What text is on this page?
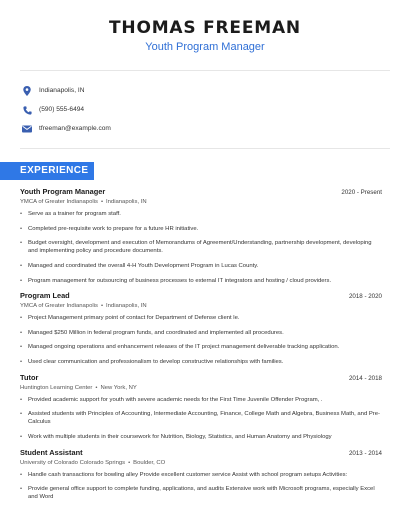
THOMAS FREEMAN
Youth Program Manager
Indianapolis, IN
(590) 555-6494
tfreeman@example.com
EXPERIENCE
Youth Program Manager	2020 - Present
YMCA of Greater Indianapolis • Indianapolis, IN
• Serve as a trainer for program staff.
• Completed pre-requisite work to prepare for a future HR initiative.
• Budget oversight, development and execution of Memorandums of Agreement/Understanding, partnership development, developing and implementing policy and procedure documents.
• Managed and coordinated the overall 4-H Youth Development Program in Lucas County.
• Program management for outsourcing of business processes to external IT integrators and hosting / cloud providers.
Program Lead	2018 - 2020
YMCA of Greater Indianapolis • Indianapolis, IN
• Project Management primary point of contact for Department of Defense client le.
• Managed $250 Million in federal program funds, and coordinated and implemented all procedures.
• Managed ongoing operations and enhancement releases of the IT project management deliverable tracking application.
• Used clear communication and professionalism to develop constructive relationships with families.
Tutor	2014 - 2018
Huntington Learning Center • New York, NY
• Provided academic support for youth with severe academic needs for the First Time Juvenile Offender Program, .
• Assisted students with Principles of Accounting, Intermediate Accounting, Finance, College Math and Algebra, Business Math, and Pre-Calculus
• Work with multiple students in their coursework for Nutrition, Biology, Statistics, and Human Anatomy and Physiology
Student Assistant	2013 - 2014
University of Colorado Colorado Springs • Boulder, CO
• Handle cash transactions for bowling alley Provide excellent customer service Assist with school program setups Activities:
• Provide general office support to complete funding, applications, and audits Extensive work with Microsoft programs, especially Excel and Word
